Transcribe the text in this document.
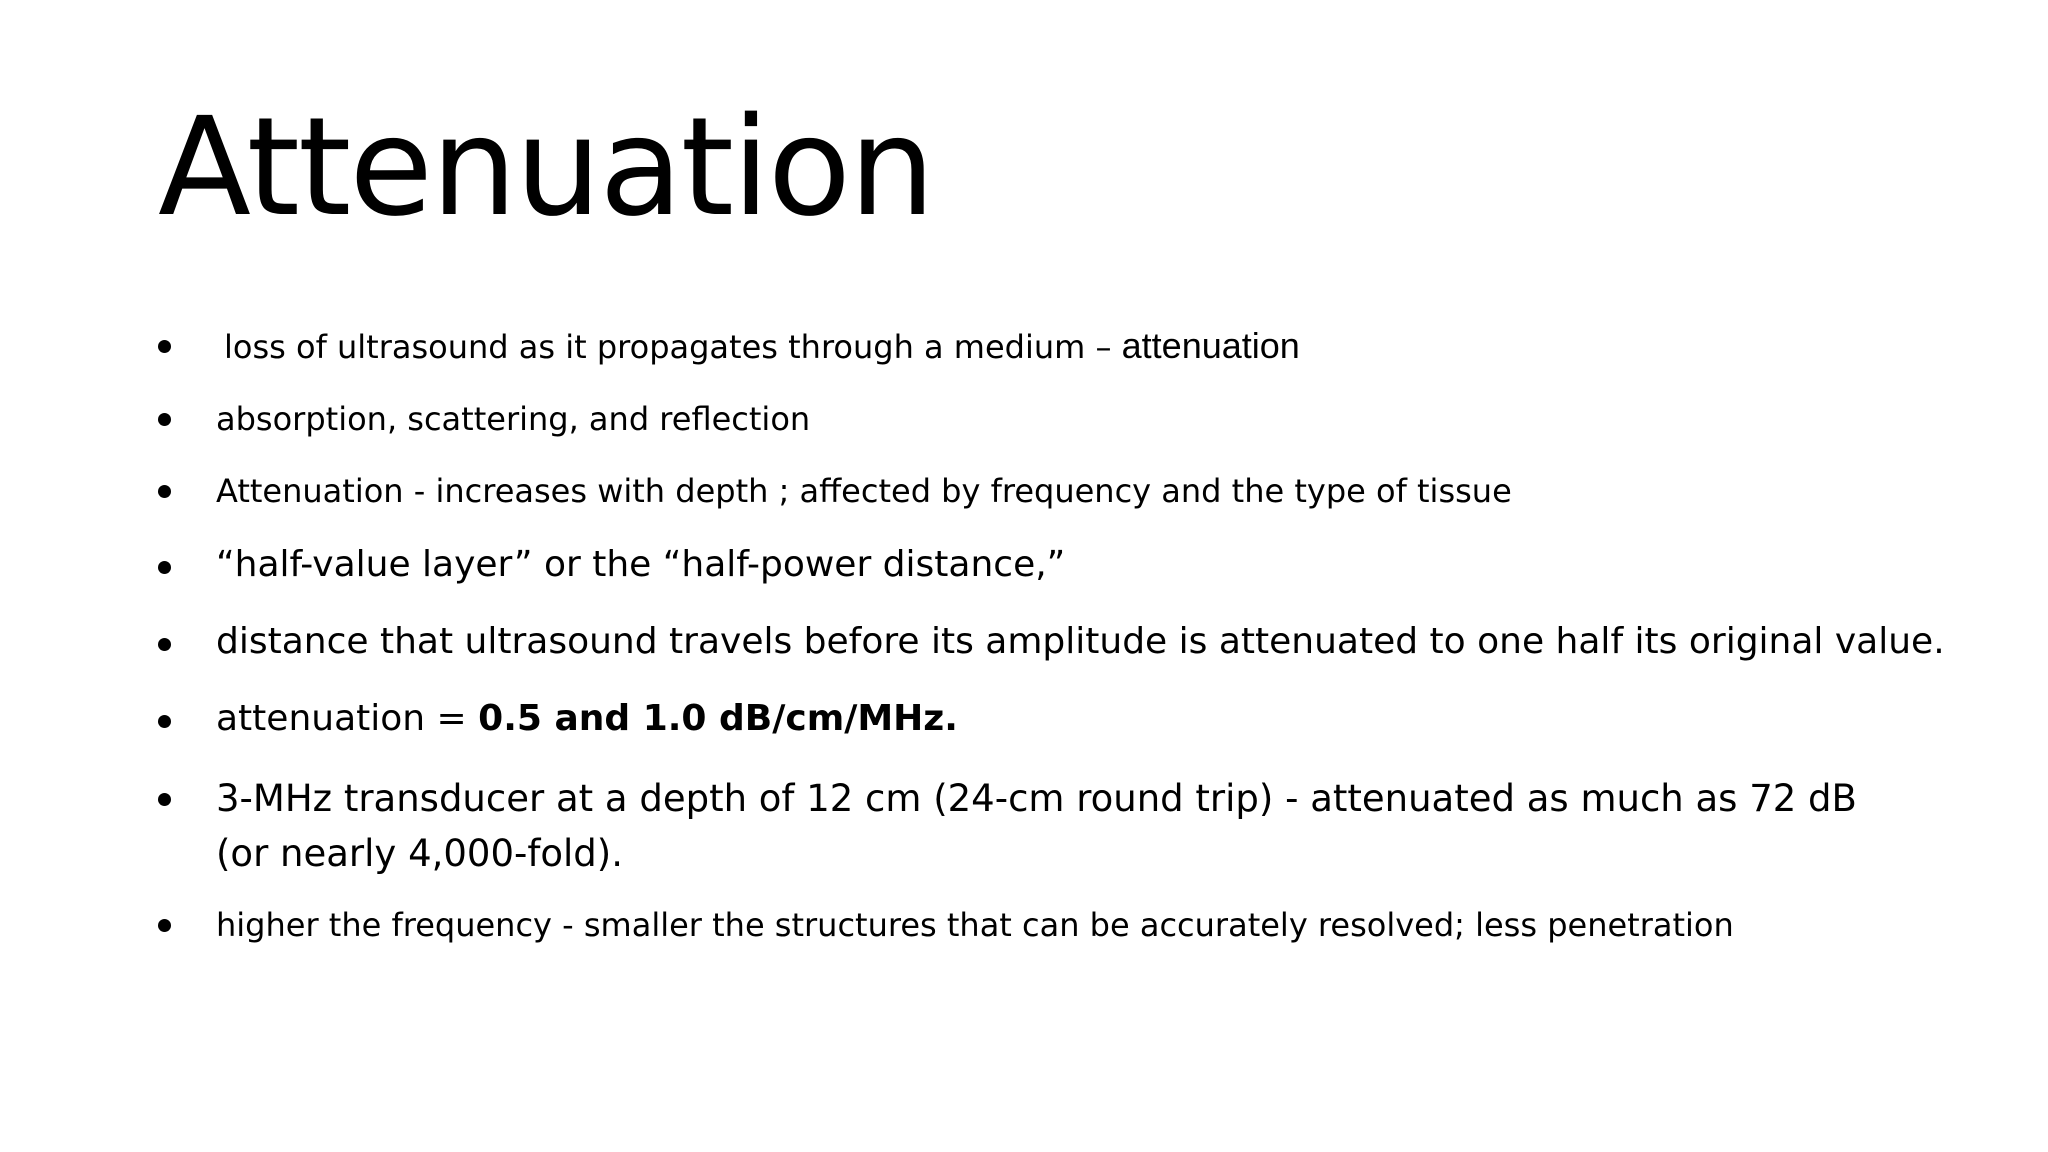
Attenuation
loss of ultrasound as it propagates through a medium – attenuation
absorption, scattering, and reflection
Attenuation - increases with depth ; affected by frequency and the type of tissue
“half-value layer” or the “half-power distance,”
distance that ultrasound travels before its amplitude is attenuated to one half its original value.
attenuation = 0.5 and 1.0 dB/cm/MHz.
3-MHz transducer at a depth of 12 cm (24-cm round trip) - attenuated as much as 72 dB (or nearly 4,000-fold).
higher the frequency - smaller the structures that can be accurately resolved; less penetration
